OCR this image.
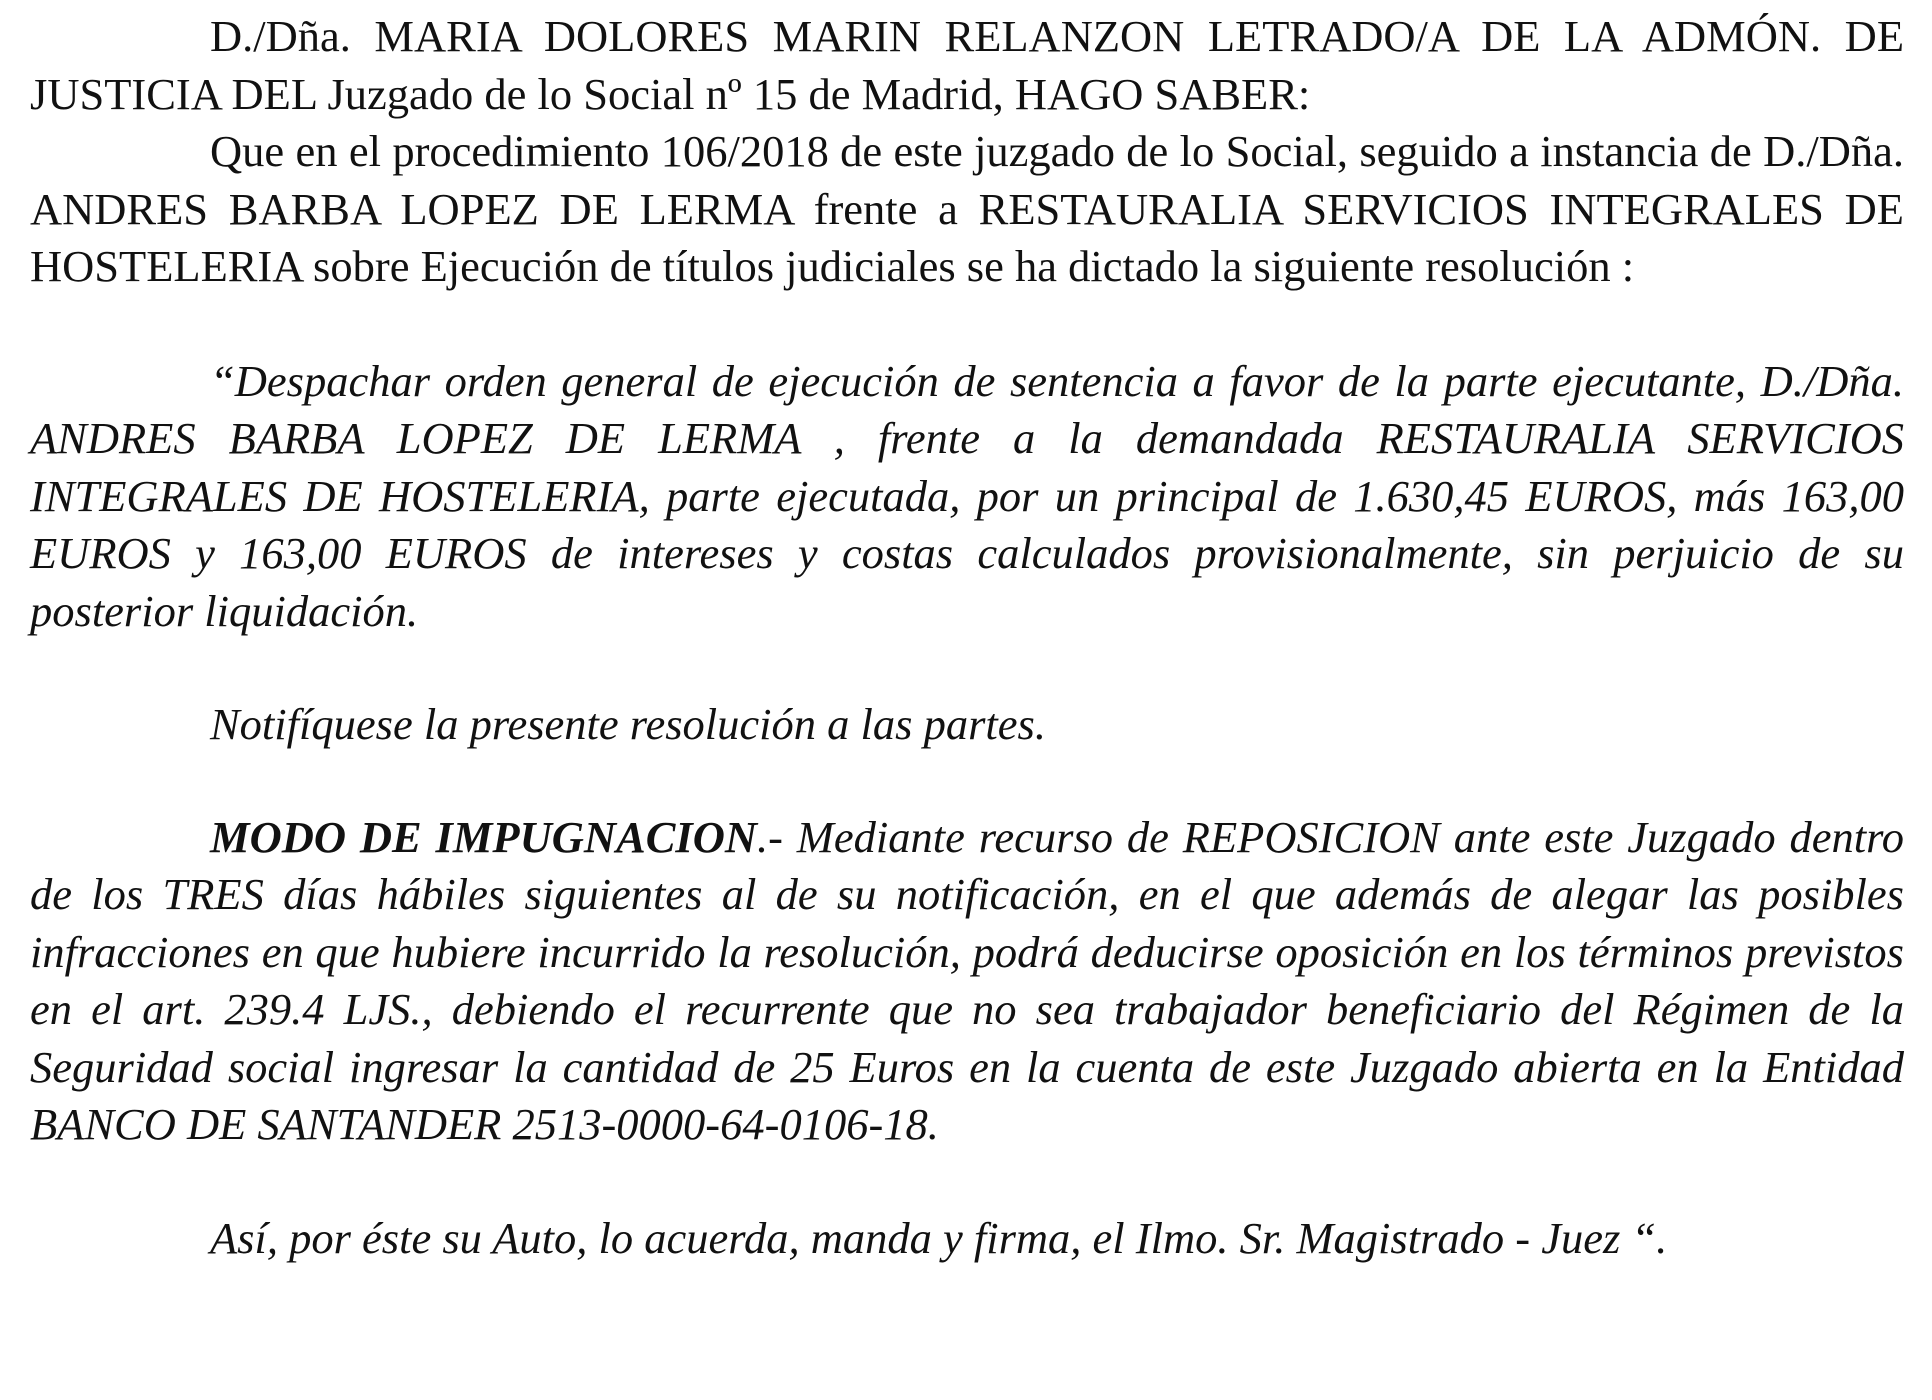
D./Dña. MARIA DOLORES MARIN RELANZON LETRADO/A DE LA ADMÓN. DE JUSTICIA DEL Juzgado de lo Social nº 15 de Madrid, HAGO SABER:

Que en el procedimiento 106/2018 de este juzgado de lo Social, seguido a instancia de D./Dña. ANDRES BARBA LOPEZ DE LERMA frente a RESTAURALIA SERVICIOS INTEGRALES DE HOSTELERIA sobre Ejecución de títulos judiciales se ha dictado la siguiente resolución :

“Despachar orden general de ejecución de sentencia a favor de la parte ejecutante, D./Dña. ANDRES BARBA LOPEZ DE LERMA , frente a la demandada RESTAURALIA SERVICIOS INTEGRALES DE HOSTELERIA, parte ejecutada, por un principal de 1.630,45 EUROS, más 163,00 EUROS y 163,00 EUROS de intereses y costas calculados provisionalmente, sin perjuicio de su posterior liquidación.

Notifíquese la presente resolución a las partes.

MODO DE IMPUGNACION.- Mediante recurso de REPOSICION ante este Juzgado dentro de los TRES días hábiles siguientes al de su notificación, en el que además de alegar las posibles infracciones en que hubiere incurrido la resolución, podrá deducirse oposición en los términos previstos en el art. 239.4 LJS., debiendo el recurrente que no sea trabajador beneficiario del Régimen de la Seguridad social ingresar la cantidad de 25 Euros en la cuenta de este Juzgado abierta en la Entidad BANCO DE SANTANDER 2513-0000-64-0106-18.

Así, por éste su Auto, lo acuerda, manda y firma, el Ilmo. Sr. Magistrado - Juez “.
